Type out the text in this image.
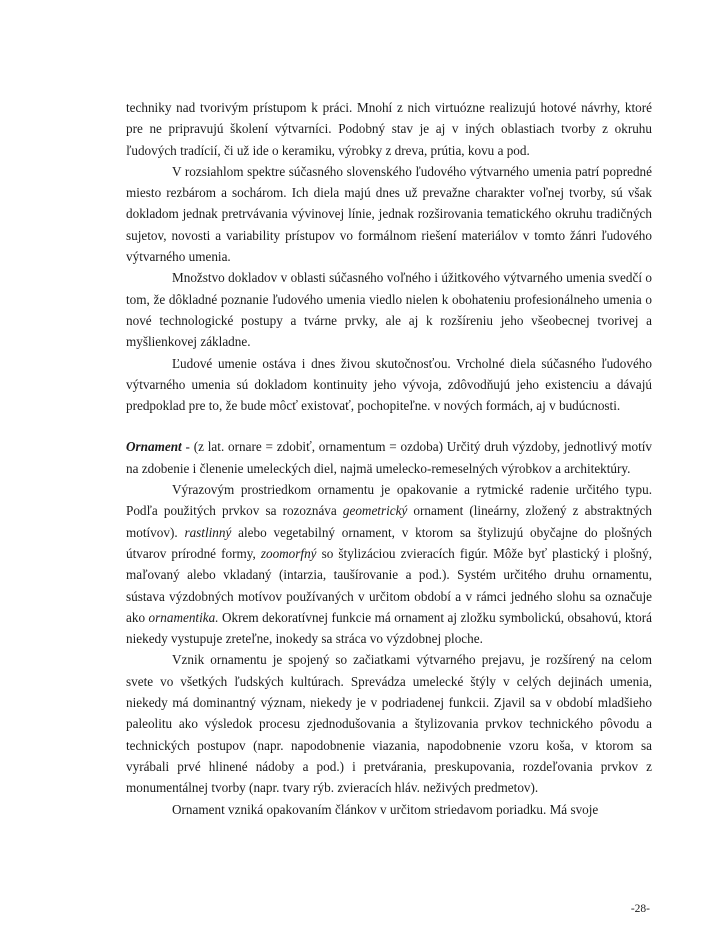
techniky nad tvorivým prístupom k práci. Mnohí z nich virtuózne realizujú hotové návrhy, ktoré pre ne pripravujú školení výtvarníci. Podobný stav je aj v iných oblastiach tvorby z okruhu ľudových tradícií, či už ide o keramiku, výrobky z dreva, prútia, kovu a pod.

V rozsiahlom spektre súčasného slovenského ľudového výtvarného umenia patrí popredné miesto rezbárom a sochárom. Ich diela majú dnes už prevažne charakter voľnej tvorby, sú však dokladom jednak pretrvávania vývinovej línie, jednak rozširovania tematického okruhu tradičných sujetov, novosti a variability prístupov vo formálnom riešení materiálov v tomto žánri ľudového výtvarného umenia.

Množstvo dokladov v oblasti súčasného voľného i úžitkového výtvarného umenia svedčí o tom, že dôkladné poznanie ľudového umenia viedlo nielen k obohateniu profesionálneho umenia o nové technologické postupy a tvárne prvky, ale aj k rozšíreniu jeho všeobecnej tvorivej a myšlienkovej základne.

Ľudové umenie ostáva i dnes živou skutočnosťou. Vrcholné diela súčasného ľudového výtvarného umenia sú dokladom kontinuity jeho vývoja, zdôvodňujú jeho existenciu a dávajú predpoklad pre to, že bude môcť existovať, pochopiteľne. v nových formách, aj v budúcnosti.

Ornament - (z lat. ornare = zdobiť, ornamentum = ozdoba) Určitý druh výzdoby, jednotlivý motív na zdobenie i členenie umeleckých diel, najmä umelecko-remeselných výrobkov a architektúry.

Výrazovým prostriedkom ornamentu je opakovanie a rytmické radenie určitého typu. Podľa použitých prvkov sa rozoznáva geometrický ornament (lineárny, zložený z abstraktných motívov). rastlinný alebo vegetabilný ornament, v ktorom sa štylizujú obyčajne do plošných útvarov prírodné formy, zoomorfný so štylizáciou zvieracích figúr. Môže byť plastický i plošný, maľovaný alebo vkladaný (intarzia, taušírovanie a pod.). Systém určitého druhu ornamentu, sústava výzdobných motívov používaných v určitom období a v rámci jedného slohu sa označuje ako ornamentika. Okrem dekoratívnej funkcie má ornament aj zložku symbolickú, obsahovú, ktorá niekedy vystupuje zreteľne, inokedy sa stráca vo výzdobnej ploche.

Vznik ornamentu je spojený so začiatkami výtvarného prejavu, je rozšírený na celom svete vo všetkých ľudských kultúrach. Sprevádza umelecké štýly v celých dejinách umenia, niekedy má dominantný význam, niekedy je v podriadenej funkcii. Zjavil sa v období mladšieho paleolitu ako výsledok procesu zjednodušovania a štylizovania prvkov technického pôvodu a technických postupov (napr. napodobnenie viazania, napodobnenie vzoru koša, v ktorom sa vyrábali prvé hlinené nádoby a pod.) i pretvárania, preskupovania, rozdeľovania prvkov z monumentálnej tvorby (napr. tvary rýb. zvieracích hláv. neživých predmetov).

Ornament vzniká opakovaním článkov v určitom striedavom poriadku. Má svoje

-28-
